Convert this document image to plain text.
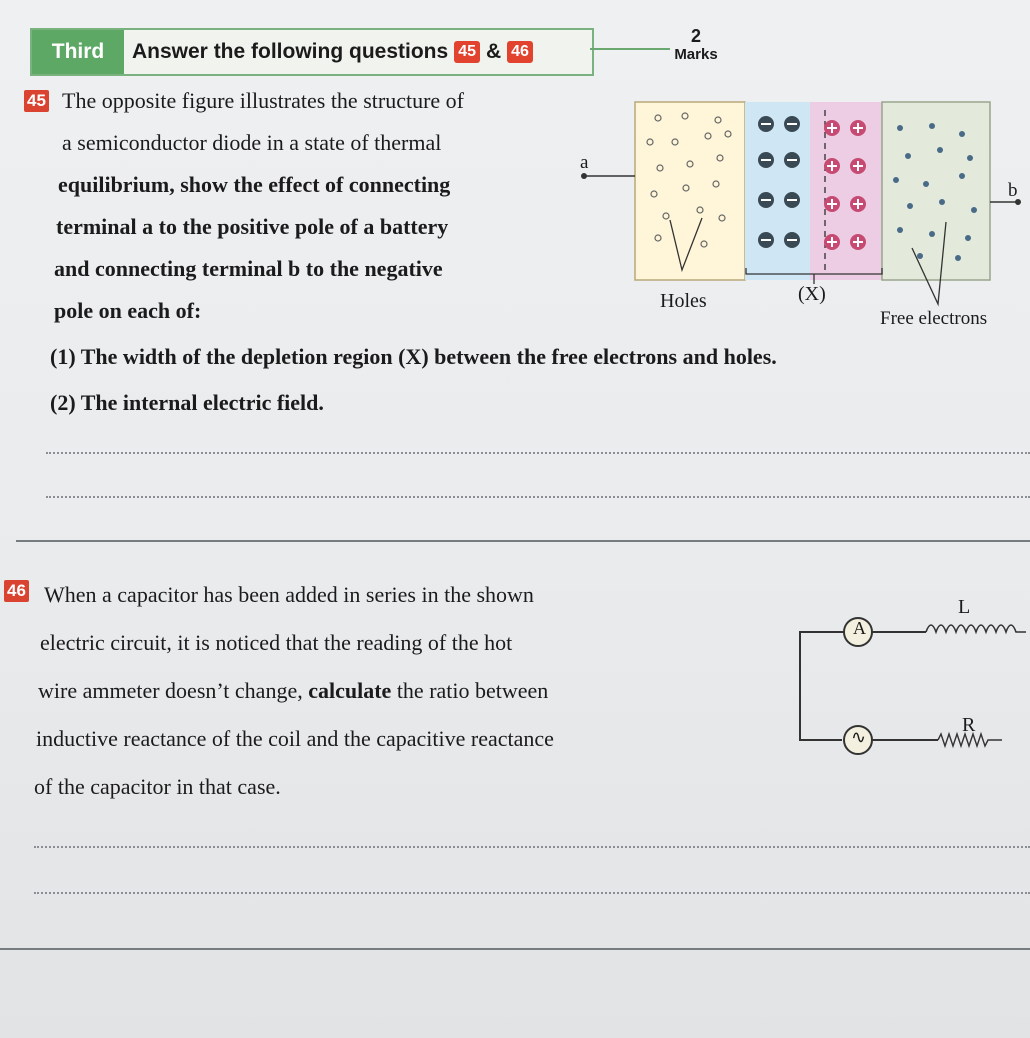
Third	Answer the following questions 45 & 46
2
Marks
45 The opposite figure illustrates the structure of
a semiconductor diode in a state of thermal
equilibrium, show the effect of connecting
terminal a to the positive pole of a battery
and connecting terminal b to the negative
pole on each of:
a
b
Holes	(X)
Free electrons
(1) The width of the depletion region (X) between the free electrons and holes.
(2) The internal electric field.
46 When a capacitor has been added in series in the shown
electric circuit, it is noticed that the reading of the hot
wire ammeter doesn’t change, calculate the ratio between
inductive reactance of the coil and the capacitive reactance
of the capacitor in that case.
A
∿
L
R
